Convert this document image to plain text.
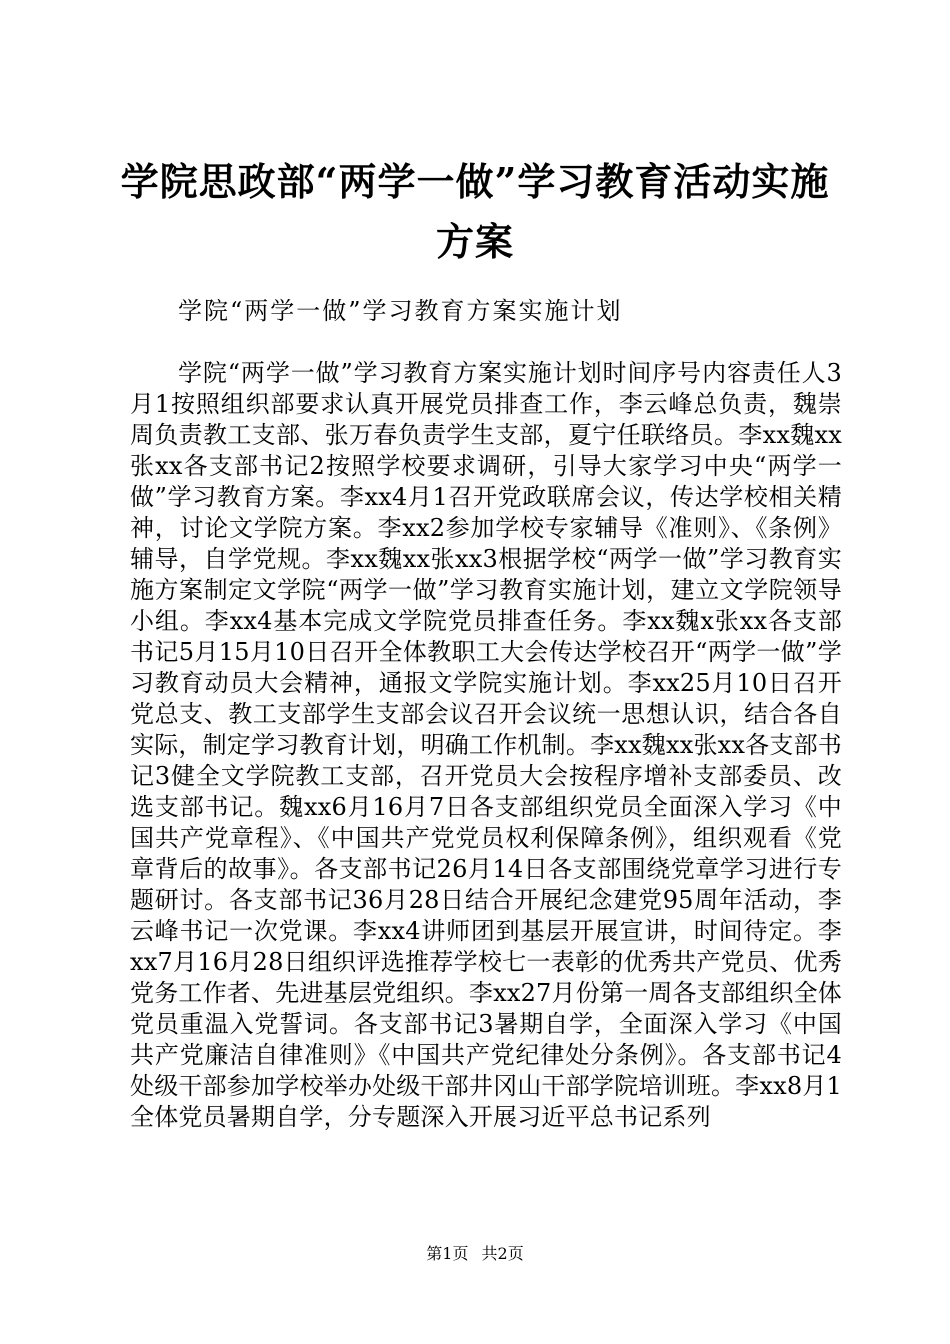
学院思政部“两学一做”学习教育活动实施方案

学院“两学一做”学习教育方案实施计划

学院“两学一做”学习教育方案实施计划时间序号内容责任人3月1按照组织部要求认真开展党员排查工作，李云峰总负责，魏崇周负责教工支部、张万春负责学生支部，夏宁任联络员。李xx魏xx张xx各支部书记2按照学校要求调研，引导大家学习中央“两学一做”学习教育方案。李xx4月1召开党政联席会议，传达学校相关精神，讨论文学院方案。李xx2参加学校专家辅导《准则》、《条例》辅导，自学党规。李xx魏xx张xx3根据学校“两学一做”学习教育实施方案制定文学院“两学一做”学习教育实施计划，建立文学院领导小组。李xx4基本完成文学院党员排查任务。李xx魏x张xx各支部书记5月15月10日召开全体教职工大会传达学校召开“两学一做”学习教育动员大会精神，通报文学院实施计划。李xx25月10日召开党总支、教工支部学生支部会议召开会议统一思想认识，结合各自实际，制定学习教育计划，明确工作机制。李xx魏xx张xx各支部书记3健全文学院教工支部，召开党员大会按程序增补支部委员、改选支部书记。魏xx6月16月7日各支部组织党员全面深入学习《中国共产党章程》、《中国共产党党员权利保障条例》，组织观看《党章背后的故事》。各支部书记26月14日各支部围绕党章学习进行专题研讨。各支部书记36月28日结合开展纪念建党95周年活动，李云峰书记一次党课。李xx4讲师团到基层开展宣讲，时间待定。李xx7月16月28日组织评选推荐学校七一表彰的优秀共产党员、优秀党务工作者、先进基层党组织。李xx27月份第一周各支部组织全体党员重温入党誓词。各支部书记3暑期自学，全面深入学习《中国共产党廉洁自律准则》《中国共产党纪律处分条例》。各支部书记4处级干部参加学校举办处级干部井冈山干部学院培训班。李xx8月1全体党员暑期自学，分专题深入开展习近平总书记系列

第1页 共2页
